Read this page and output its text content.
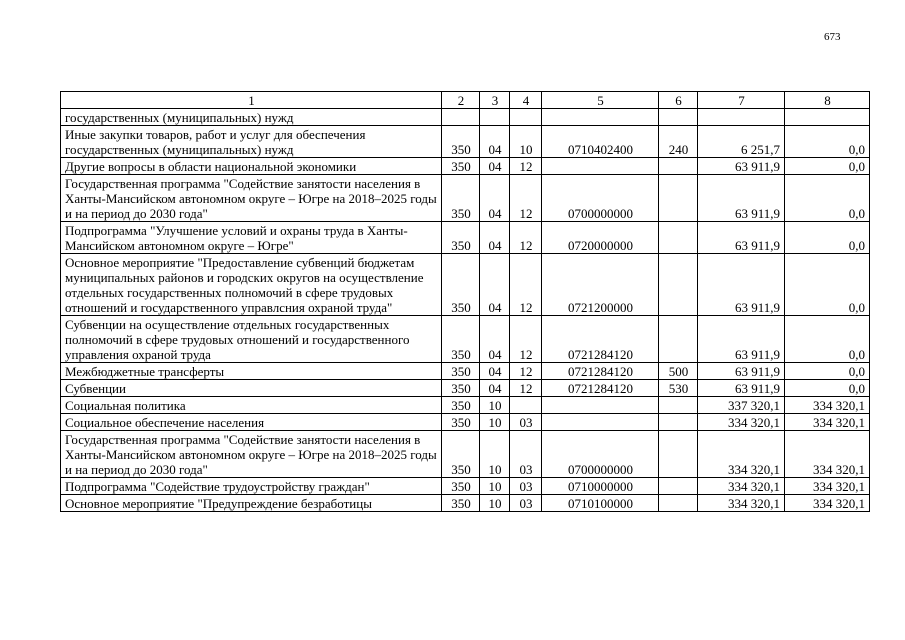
673
1	2	3	4	5	6	7	8
государственных (муниципальных) нужд							
Иные закупки товаров, работ и услуг для обеспечения государственных (муниципальных) нужд	350	04	10	0710402400	240	6 251,7	0,0
Другие вопросы в области национальной экономики	350	04	12			63 911,9	0,0
Государственная программа "Содействие занятости населения в Ханты-Мансийском автономном округе – Югре на 2018–2025 годы и на период до 2030 года"	350	04	12	0700000000		63 911,9	0,0
Подпрограмма "Улучшение условий и охраны труда в Ханты-Мансийском автономном округе – Югре"	350	04	12	0720000000		63 911,9	0,0
Основное мероприятие "Предоставление субвенций бюджетам муниципальных районов и городских округов на осуществление отдельных государственных полномочий в сфере трудовых отношений и государственного управлсния охраной труда"	350	04	12	0721200000		63 911,9	0,0
Субвенции на осуществление отдельных государственных полномочий в сфере трудовых отношений и государственного управления охраной труда	350	04	12	0721284120		63 911,9	0,0
Межбюджетные трансферты	350	04	12	0721284120	500	63 911,9	0,0
Субвенции	350	04	12	0721284120	530	63 911,9	0,0
Социальная политика	350	10				337 320,1	334 320,1
Социальное обеспечение населения	350	10	03			334 320,1	334 320,1
Государственная программа "Содействие занятости населения в Ханты-Мансийском автономном округе – Югре на 2018–2025 годы и на период до 2030 года"	350	10	03	0700000000		334 320,1	334 320,1
Подпрограмма "Содействие трудоустройству граждан"	350	10	03	0710000000		334 320,1	334 320,1
Основное мероприятие "Предупреждение безработицы	350	10	03	0710100000		334 320,1	334 320,1
